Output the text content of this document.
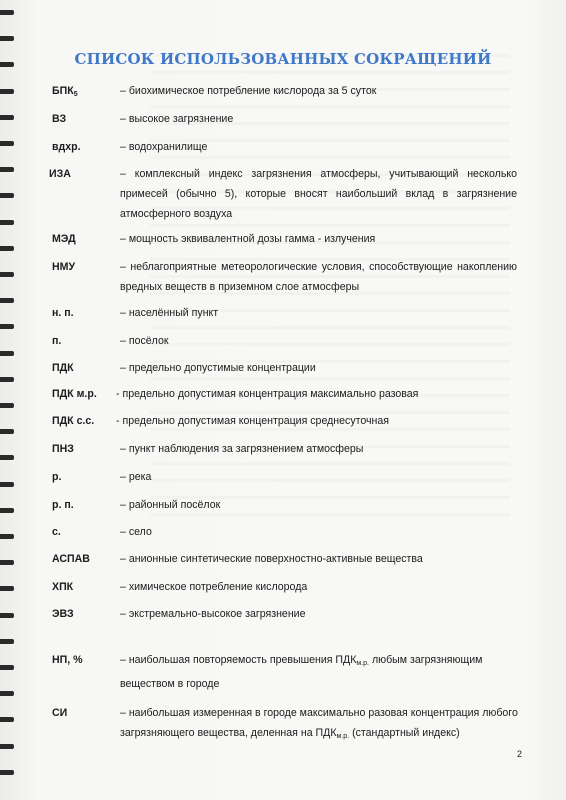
СПИСОК ИСПОЛЬЗОВАННЫХ СОКРАЩЕНИЙ
$БПК_5$	– биохимическое потребление кислорода за 5 суток
ВЗ	– высокое загрязнение
вдхр.	– водохранилище
ИЗА	– комплексный индекс загрязнения атмосферы, учитывающий несколько примесей (обычно 5), которые вносят наибольший вклад в загрязнение атмосферного воздуха
МЭД	– мощность эквивалентной дозы гамма - излучения
НМУ	– неблагоприятные метеорологические условия, способствующие накоплению вредных веществ в приземном слое атмосферы
н. п.	– населённый пункт
п.	– посёлок
ПДК	– предельно допустимые концентрации
ПДК м.р. - предельно допустимая концентрация максимально разовая
ПДК с.с. - предельно допустимая концентрация среднесуточная
ПНЗ	– пункт наблюдения за загрязнением атмосферы
р.	– река
р. п.	– районный посёлок
с.	– село
АСПАВ	– анионные синтетические поверхностно-активные вещества
ХПК	– химическое потребление кислорода
ЭВЗ	– экстремально-высокое загрязнение
НП, %	– наибольшая повторяемость превышения $ПДК_{м.р.}$ любым загрязняющим веществом в городе
СИ	– наибольшая измеренная в городе максимально разовая концентрация любого загрязняющего вещества, деленная на $ПДК_{м.р.}$ (стандартный индекс)
2
